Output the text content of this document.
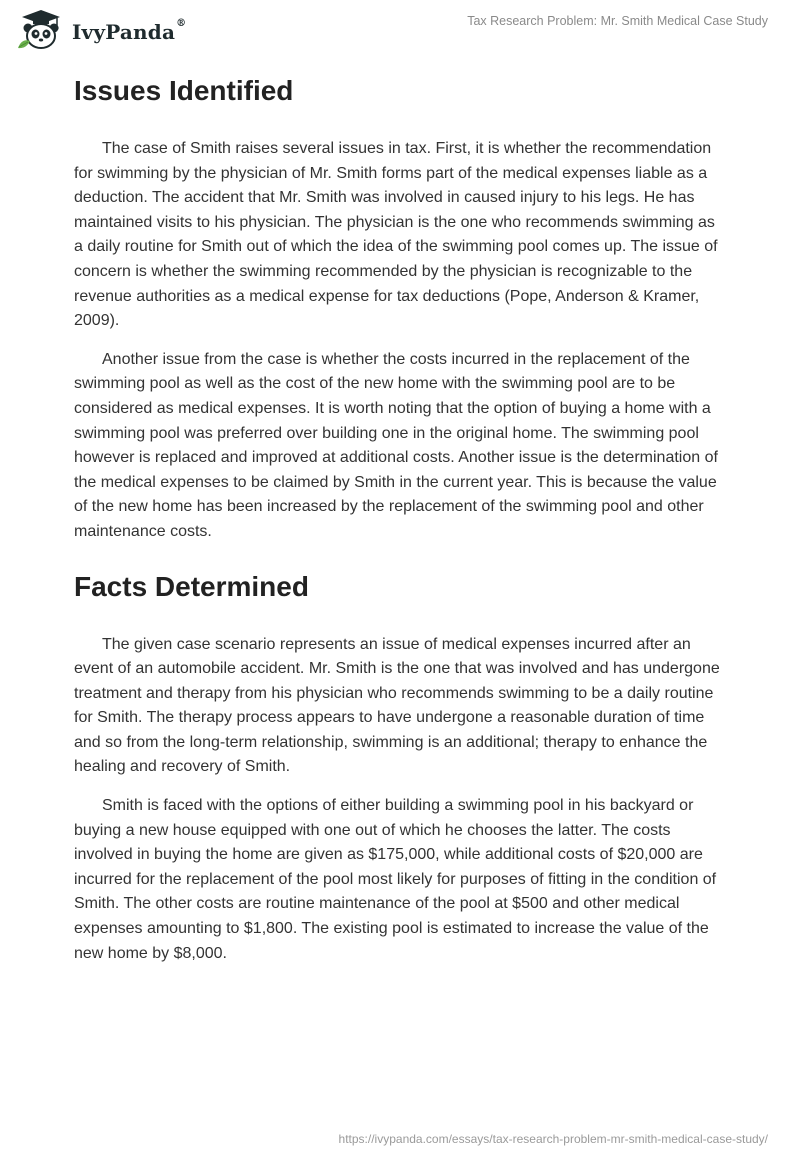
IvyPanda®	Tax Research Problem: Mr. Smith Medical Case Study
Issues Identified

The case of Smith raises several issues in tax. First, it is whether the recommendation for swimming by the physician of Mr. Smith forms part of the medical expenses liable as a deduction. The accident that Mr. Smith was involved in caused injury to his legs. He has maintained visits to his physician. The physician is the one who recommends swimming as a daily routine for Smith out of which the idea of the swimming pool comes up. The issue of concern is whether the swimming recommended by the physician is recognizable to the revenue authorities as a medical expense for tax deductions (Pope, Anderson & Kramer, 2009).

Another issue from the case is whether the costs incurred in the replacement of the swimming pool as well as the cost of the new home with the swimming pool are to be considered as medical expenses. It is worth noting that the option of buying a home with a swimming pool was preferred over building one in the original home. The swimming pool however is replaced and improved at additional costs. Another issue is the determination of the medical expenses to be claimed by Smith in the current year. This is because the value of the new home has been increased by the replacement of the swimming pool and other maintenance costs.

Facts Determined

The given case scenario represents an issue of medical expenses incurred after an event of an automobile accident. Mr. Smith is the one that was involved and has undergone treatment and therapy from his physician who recommends swimming to be a daily routine for Smith. The therapy process appears to have undergone a reasonable duration of time and so from the long-term relationship, swimming is an additional; therapy to enhance the healing and recovery of Smith.

Smith is faced with the options of either building a swimming pool in his backyard or buying a new house equipped with one out of which he chooses the latter. The costs involved in buying the home are given as $175,000, while additional costs of $20,000 are incurred for the replacement of the pool most likely for purposes of fitting in the condition of Smith. The other costs are routine maintenance of the pool at $500 and other medical expenses amounting to $1,800. The existing pool is estimated to increase the value of the new home by $8,000.

https://ivypanda.com/essays/tax-research-problem-mr-smith-medical-case-study/
